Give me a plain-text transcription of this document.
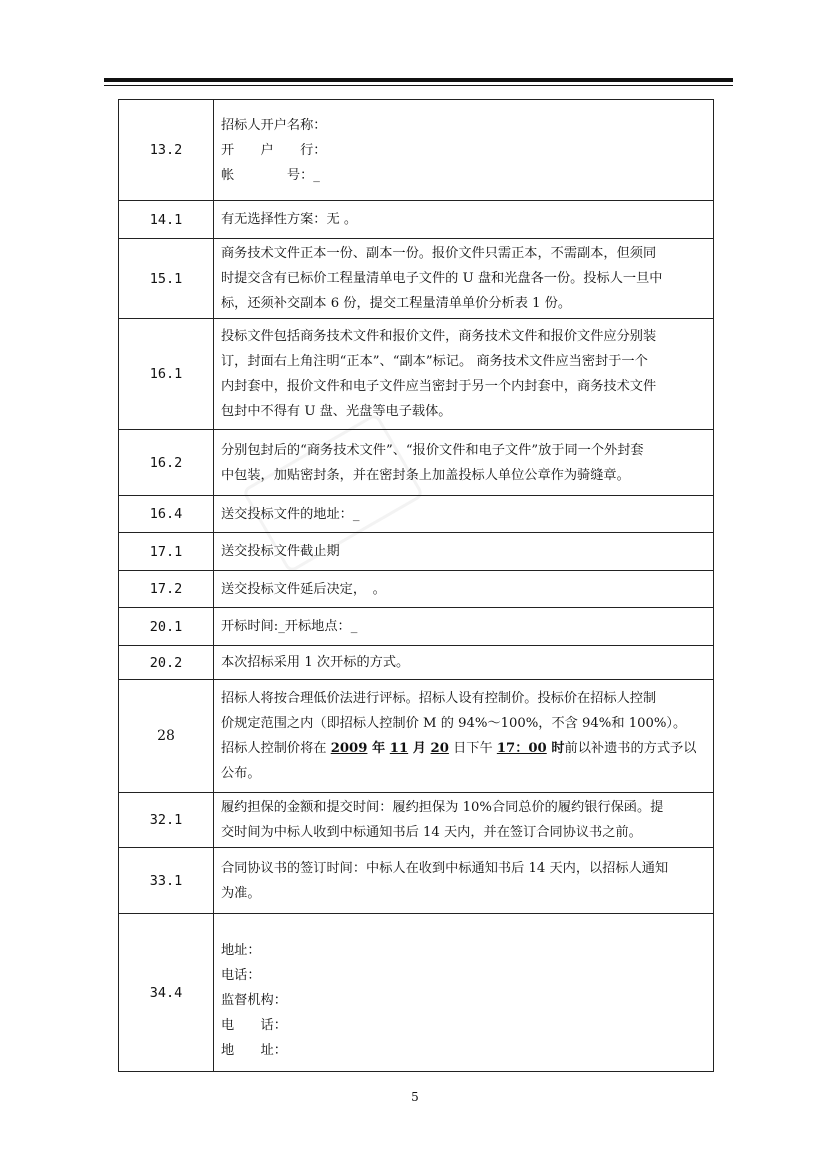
13.2	招标人开户名称：
开　　户　　行：
帐　　　　号：_

14.1	有无选择性方案：无 。

15.1	商务技术文件正本一份、副本一份。报价文件只需正本，不需副本，但须同
时提交含有已标价工程量清单电子文件的 U 盘和光盘各一份。投标人一旦中
标，还须补交副本 6 份，提交工程量清单单价分析表 1 份。

16.1	投标文件包括商务技术文件和报价文件，商务技术文件和报价文件应分别装
订，封面右上角注明“正本”、“副本”标记。 商务技术文件应当密封于一个
内封套中，报价文件和电子文件应当密封于另一个内封套中，商务技术文件
包封中不得有 U 盘、光盘等电子载体。

16.2	分别包封后的“商务技术文件”、“报价文件和电子文件”放于同一个外封套
中包装，加贴密封条，并在密封条上加盖投标人单位公章作为骑缝章。

16.4	送交投标文件的地址：_

17.1	送交投标文件截止期

17.2	送交投标文件延后决定，　。

20.1	开标时间:_开标地点：_

20.2	本次招标采用 1 次开标的方式。

28	招标人将按合理低价法进行评标。招标人设有控制价。投标价在招标人控制
价规定范围之内（即招标人控制价 M 的 94%～100%，不含 94%和 100%）。
招标人控制价将在 2009 年 11 月 20 日下午 17：00 时前以补遗书的方式予以
公布。

32.1	履约担保的金额和提交时间：履约担保为 10%合同总价的履约银行保函。提
交时间为中标人收到中标通知书后 14 天内，并在签订合同协议书之前。

33.1	合同协议书的签订时间：中标人在收到中标通知书后 14 天内，以招标人通知
为准。

34.4	地址：
电话：
监督机构：
电　　话：
地　　址：
5
